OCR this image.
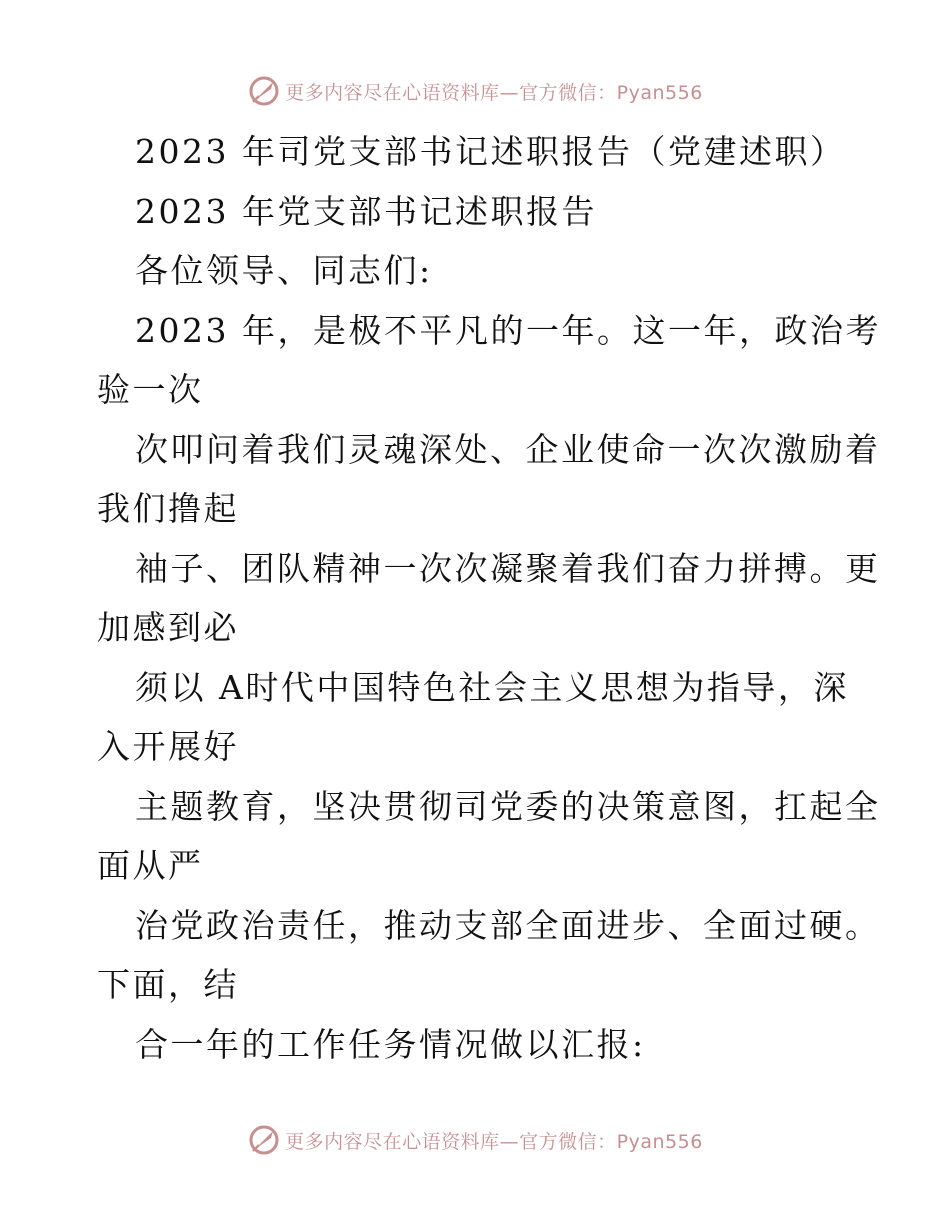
更多内容尽在心语资料库—官方微信：Pyan556
2023 年司党支部书记述职报告（党建述职）
2023 年党支部书记述职报告
各位领导、同志们:
2023 年，是极不平凡的一年。这一年，政治考
验一次
次叩问着我们灵魂深处、企业使命一次次激励着
我们撸起
袖子、团队精神一次次凝聚着我们奋力拼搏。更
加感到必
须以 A时代中国特色社会主义思想为指导，深
入开展好
主题教育，坚决贯彻司党委的决策意图，扛起全
面从严
治党政治责任，推动支部全面进步、全面过硬。
下面，结
合一年的工作任务情况做以汇报:
更多内容尽在心语资料库—官方微信：Pyan556
